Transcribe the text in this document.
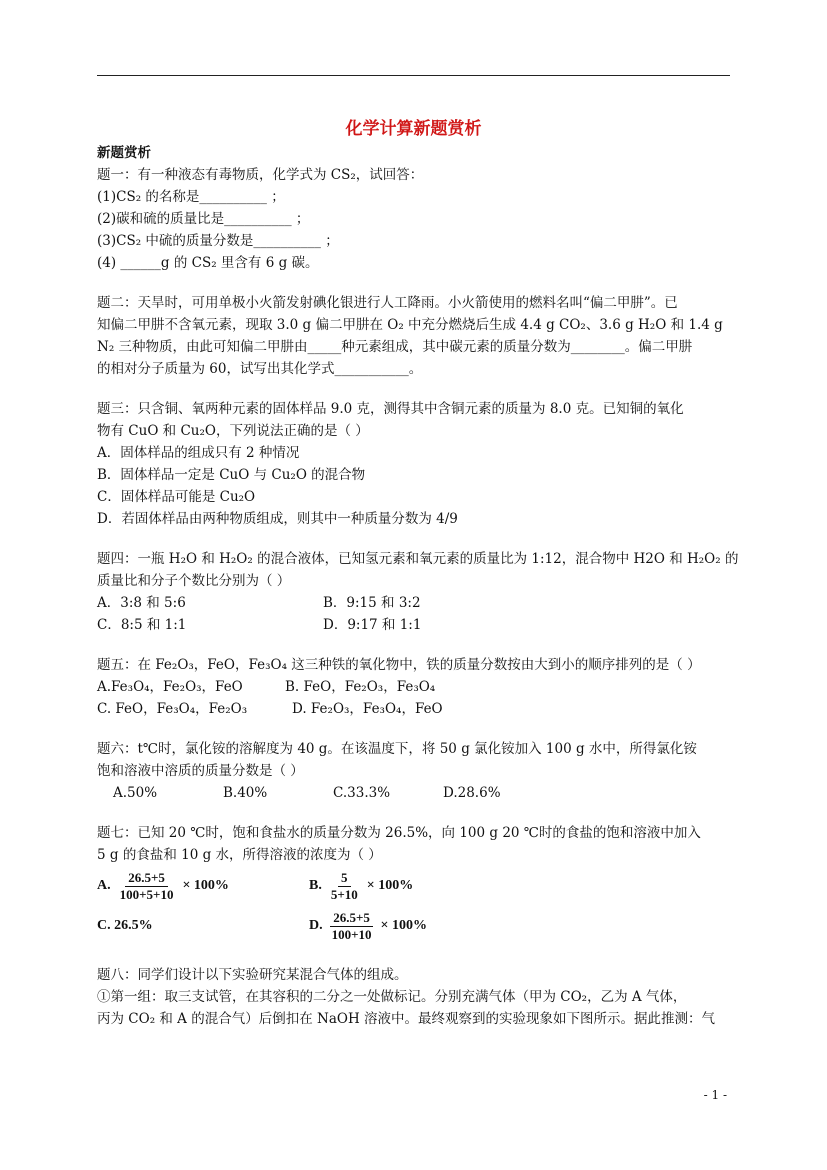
化学计算新题赏析
新题赏析
题一：有一种液态有毒物质，化学式为 CS₂，试回答：
(1)CS₂ 的名称是__________ ；
(2)碳和硫的质量比是__________ ；
(3)CS₂ 中硫的质量分数是__________ ；
(4) ______g 的 CS₂ 里含有 6 g 碳。
题二：天旱时，可用单极小火箭发射碘化银进行人工降雨。小火箭使用的燃料名叫“偏二甲肼”。已
知偏二甲肼不含氧元素，现取 3.0 g 偏二甲肼在 O₂ 中充分燃烧后生成 4.4 g CO₂、3.6 g H₂O 和 1.4 g
N₂ 三种物质，由此可知偏二甲肼由_____种元素组成，其中碳元素的质量分数为________。偏二甲肼
的相对分子质量为 60，试写出其化学式___________。
题三：只含铜、氧两种元素的固体样品 9.0 克，测得其中含铜元素的质量为 8.0 克。已知铜的氧化
物有 CuO 和 Cu₂O，下列说法正确的是（ ）
A．固体样品的组成只有 2 种情况
B．固体样品一定是 CuO 与 Cu₂O 的混合物
C．固体样品可能是 Cu₂O
D．若固体样品由两种物质组成，则其中一种质量分数为 4/9
题四：一瓶 H₂O 和 H₂O₂ 的混合液体，已知氢元素和氧元素的质量比为 1:12，混合物中 H2O 和 H₂O₂ 的
质量比和分子个数比分别为（ ）
A．3:8 和 5:6	B．9:15 和 3:2
C．8:5 和 1:1	D．9:17 和 1:1
题五：在 Fe₂O₃，FeO，Fe₃O₄ 这三种铁的氧化物中，铁的质量分数按由大到小的顺序排列的是（ ）
A.Fe₃O₄，Fe₂O₃，FeO	B. FeO，Fe₂O₃，Fe₃O₄
C. FeO，Fe₃O₄，Fe₂O₃	D. Fe₂O₃，Fe₃O₄，FeO
题六：t℃时，氯化铵的溶解度为 40 g。在该温度下，将 50 g 氯化铵加入 100 g 水中，所得氯化铵
饱和溶液中溶质的质量分数是（ ）
A.50%	B.40%	C.33.3%	D.28.6%
题七：已知 20 ℃时，饱和食盐水的质量分数为 26.5%，向 100 g 20 ℃时的食盐的饱和溶液中加入
5 g 的食盐和 10 g 水，所得溶液的浓度为（ ）
A. $\frac{26.5+5}{100+5+10} \times 100\%$	B. $\frac{5}{5+10} \times 100\%$
C. 26.5%	D. $\frac{26.5+5}{100+10} \times 100\%$
题八：同学们设计以下实验研究某混合气体的组成。
①第一组：取三支试管，在其容积的二分之一处做标记。分别充满气体（甲为 CO₂，乙为 A 气体，
丙为 CO₂ 和 A 的混合气）后倒扣在 NaOH 溶液中。最终观察到的实验现象如下图所示。据此推测：气
- 1 -
